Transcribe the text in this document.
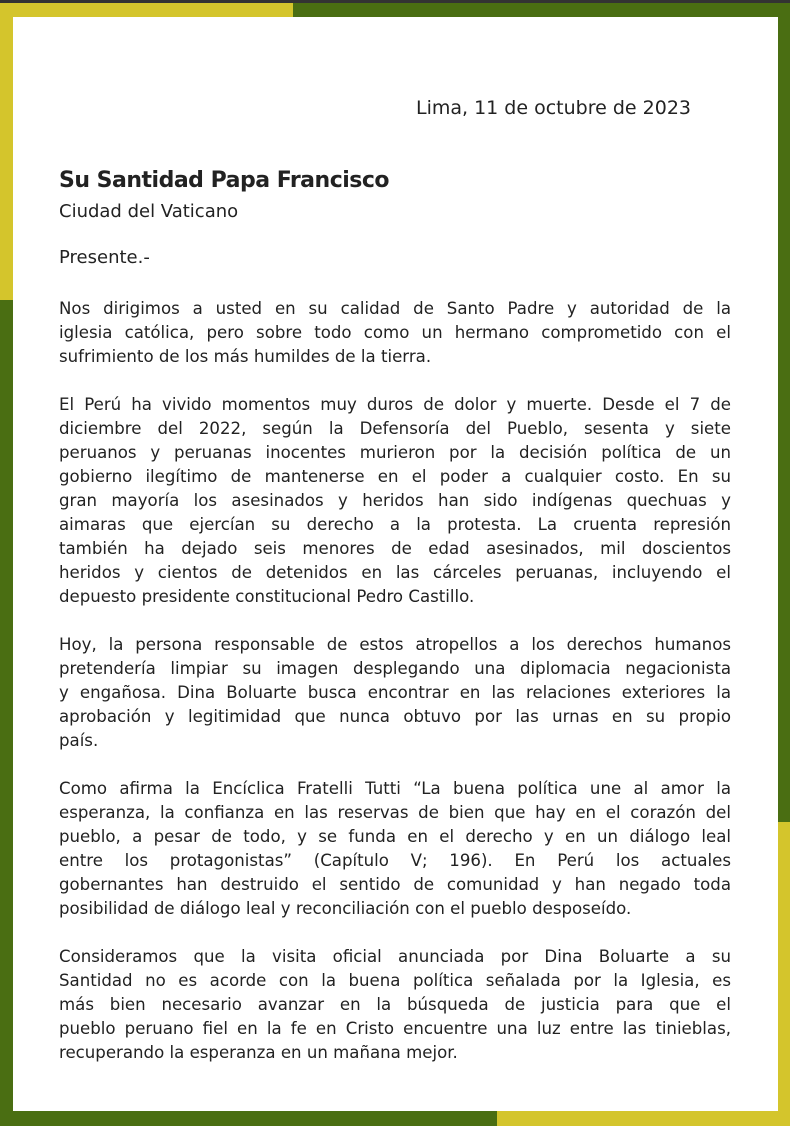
Lima, 11 de octubre de 2023
Su Santidad Papa Francisco
Ciudad del Vaticano
Presente.-
Nos dirigimos a usted en su calidad de Santo Padre y autoridad de la
iglesia católica, pero sobre todo como un hermano comprometido con el
sufrimiento de los más humildes de la tierra.
El Perú ha vivido momentos muy duros de dolor y muerte. Desde el 7 de
diciembre del 2022, según la Defensoría del Pueblo, sesenta y siete
peruanos y peruanas inocentes murieron por la decisión política de un
gobierno ilegítimo de mantenerse en el poder a cualquier costo. En su
gran mayoría los asesinados y heridos han sido indígenas quechuas y
aimaras que ejercían su derecho a la protesta. La cruenta represión
también ha dejado seis menores de edad asesinados, mil doscientos
heridos y cientos de detenidos en las cárceles peruanas, incluyendo el
depuesto presidente constitucional Pedro Castillo.
Hoy, la persona responsable de estos atropellos a los derechos humanos
pretendería limpiar su imagen desplegando una diplomacia negacionista
y engañosa. Dina Boluarte busca encontrar en las relaciones exteriores la
aprobación y legitimidad que nunca obtuvo por las urnas en su propio
país.
Como afirma la Encíclica Fratelli Tutti “La buena política une al amor la
esperanza, la confianza en las reservas de bien que hay en el corazón del
pueblo, a pesar de todo, y se funda en el derecho y en un diálogo leal
entre los protagonistas” (Capítulo V; 196). En Perú los actuales
gobernantes han destruido el sentido de comunidad y han negado toda
posibilidad de diálogo leal y reconciliación con el pueblo desposeído.
Consideramos que la visita oficial anunciada por Dina Boluarte a su
Santidad no es acorde con la buena política señalada por la Iglesia, es
más bien necesario avanzar en la búsqueda de justicia para que el
pueblo peruano fiel en la fe en Cristo encuentre una luz entre las tinieblas,
recuperando la esperanza en un mañana mejor.
